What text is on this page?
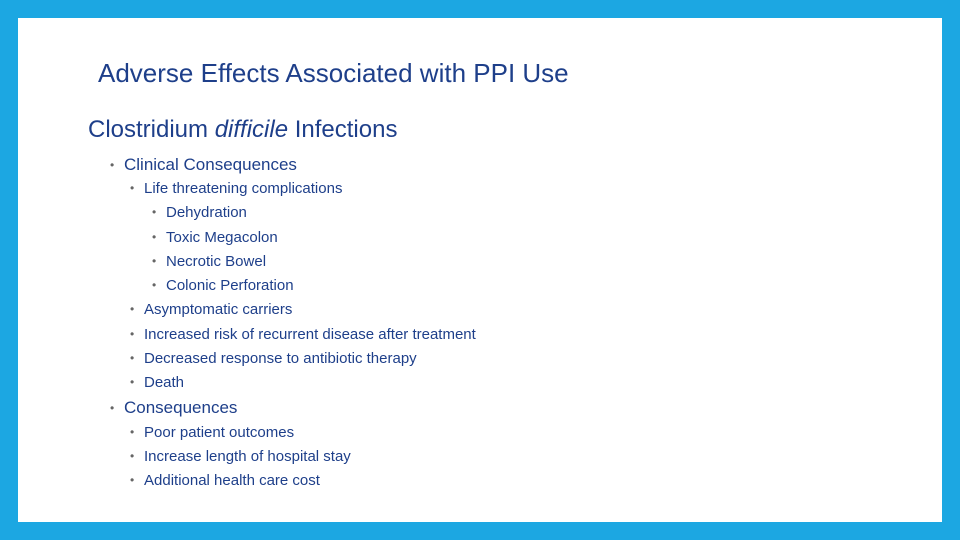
Adverse Effects Associated with PPI Use
Clostridium difficile Infections
• Clinical Consequences
• Life threatening complications
• Dehydration
• Toxic Megacolon
• Necrotic Bowel
• Colonic Perforation
• Asymptomatic carriers
• Increased risk of recurrent disease after treatment
• Decreased response to antibiotic therapy
• Death
• Consequences
• Poor patient outcomes
• Increase length of hospital stay
• Additional health care cost
